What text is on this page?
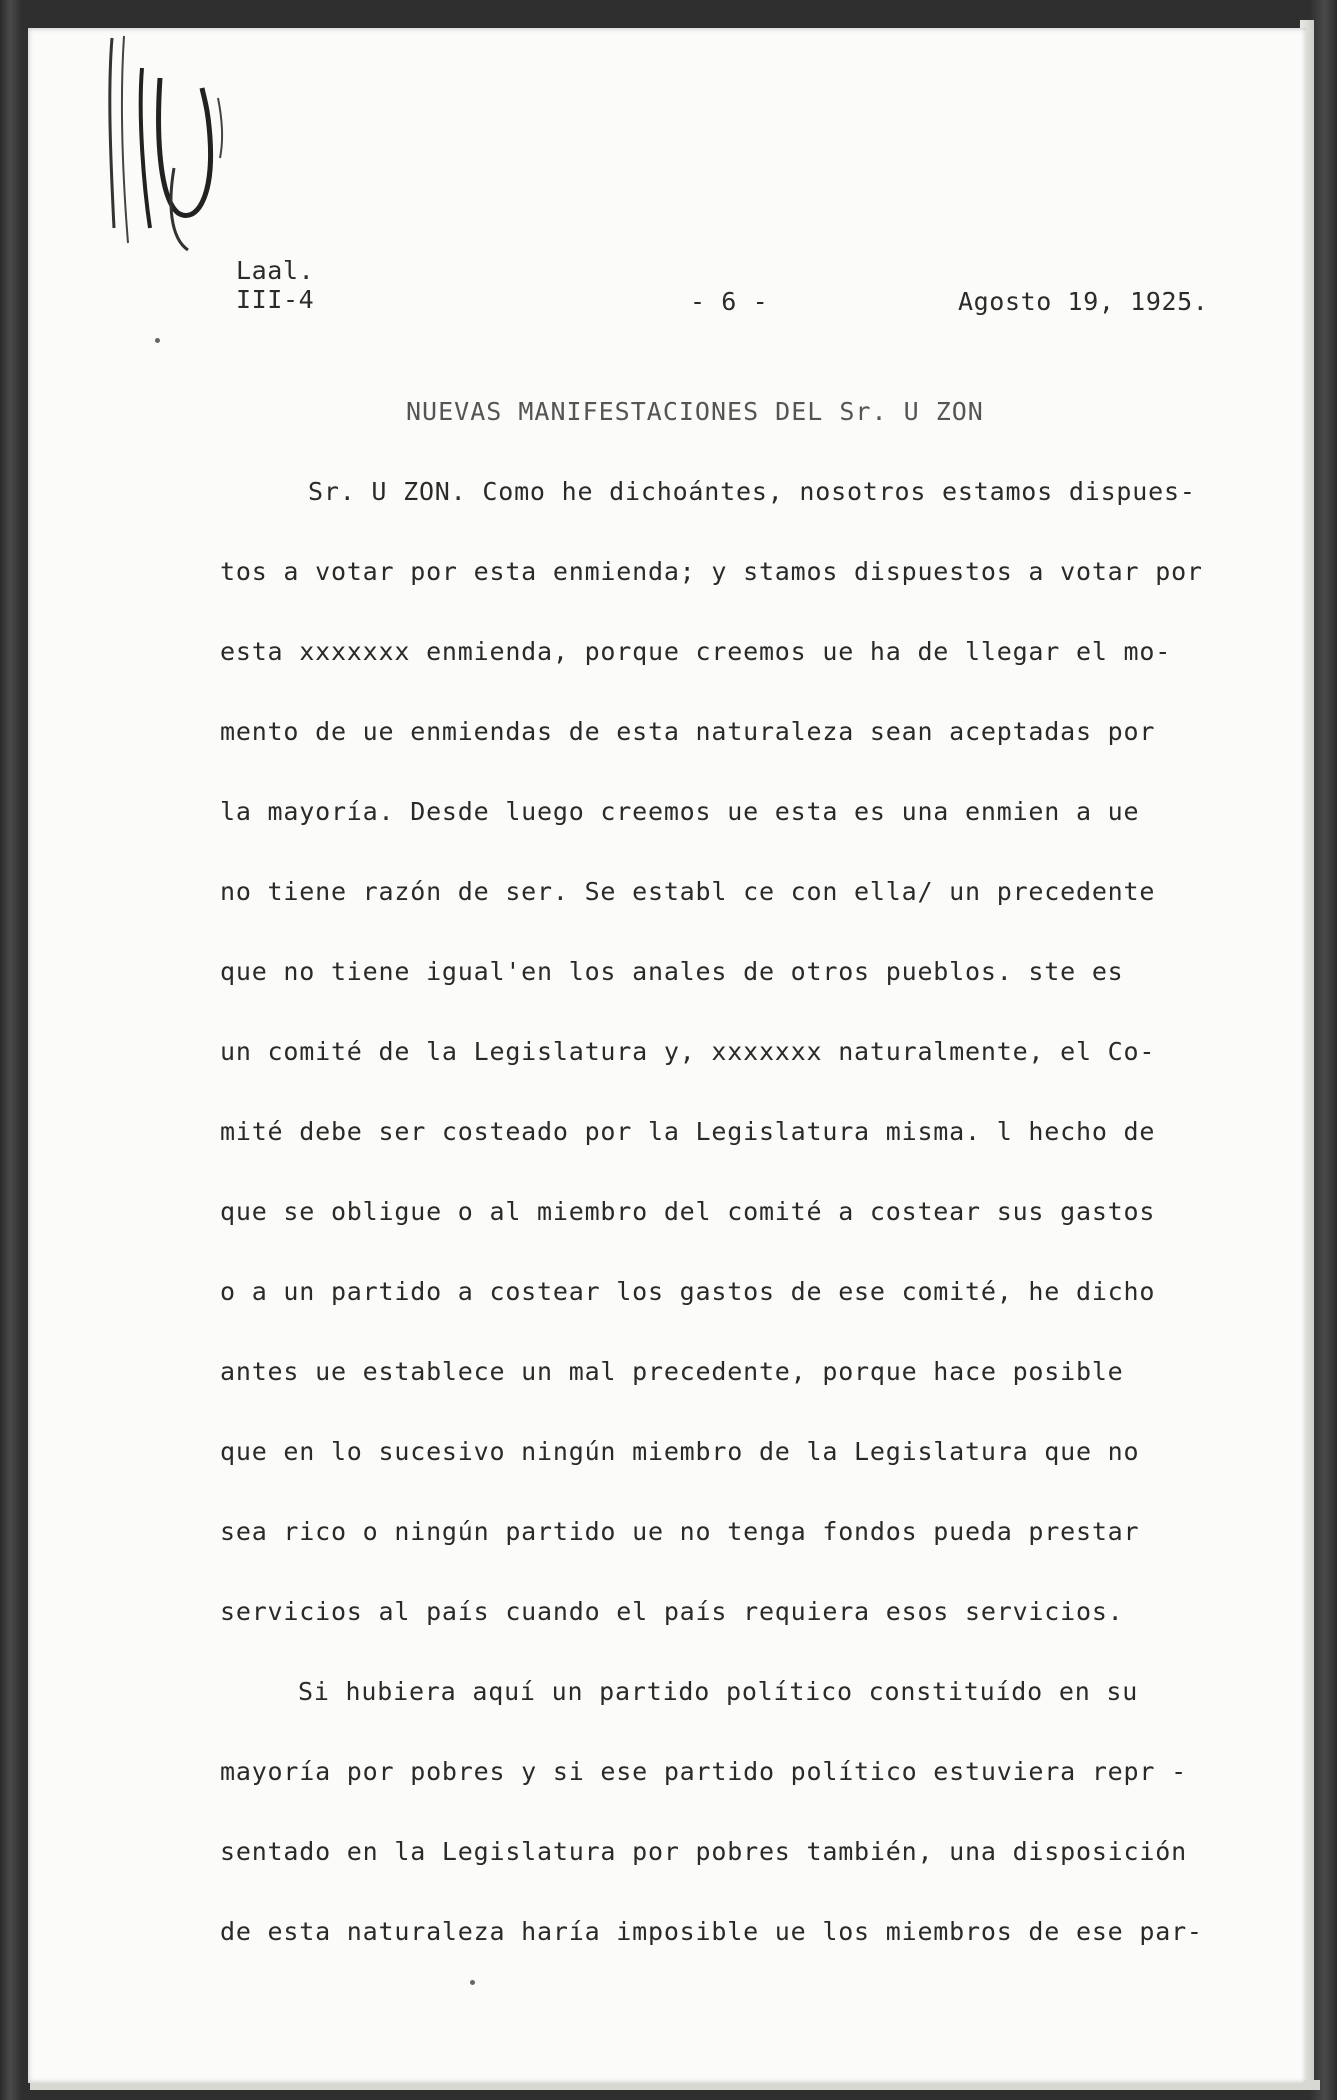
Laal.
III-4	- 6 -	Agosto 19, 1925.
NUEVAS MANIFESTACIONES DEL Sr. U ZON
Sr. U ZON. Como he dichoántes, nosotros estamos dispues-
tos a votar por esta enmienda; y stamos dispuestos a votar por
esta xxxxxxx enmienda, porque creemos ue ha de llegar el mo-
mento de ue enmiendas de esta naturaleza sean aceptadas por
la mayoría. Desde luego creemos ue esta es una enmien a ue
no tiene razón de ser. Se establ ce con ella/ un precedente
que no tiene igual'en los anales de otros pueblos. ste es
un comité de la Legislatura y, xxxxxxx naturalmente, el Co-
mité debe ser costeado por la Legislatura misma. l hecho de
que se obligue o al miembro del comité a costear sus gastos
o a un partido a costear los gastos de ese comité, he dicho
antes ue establece un mal precedente, porque hace posible
que en lo sucesivo ningún miembro de la Legislatura que no
sea rico o ningún partido ue no tenga fondos pueda prestar
servicios al país cuando el país requiera esos servicios.
Si hubiera aquí un partido político constituído en su
mayoría por pobres y si ese partido político estuviera repr -
sentado en la Legislatura por pobres también, una disposición
de esta naturaleza haría imposible ue los miembros de ese par-
